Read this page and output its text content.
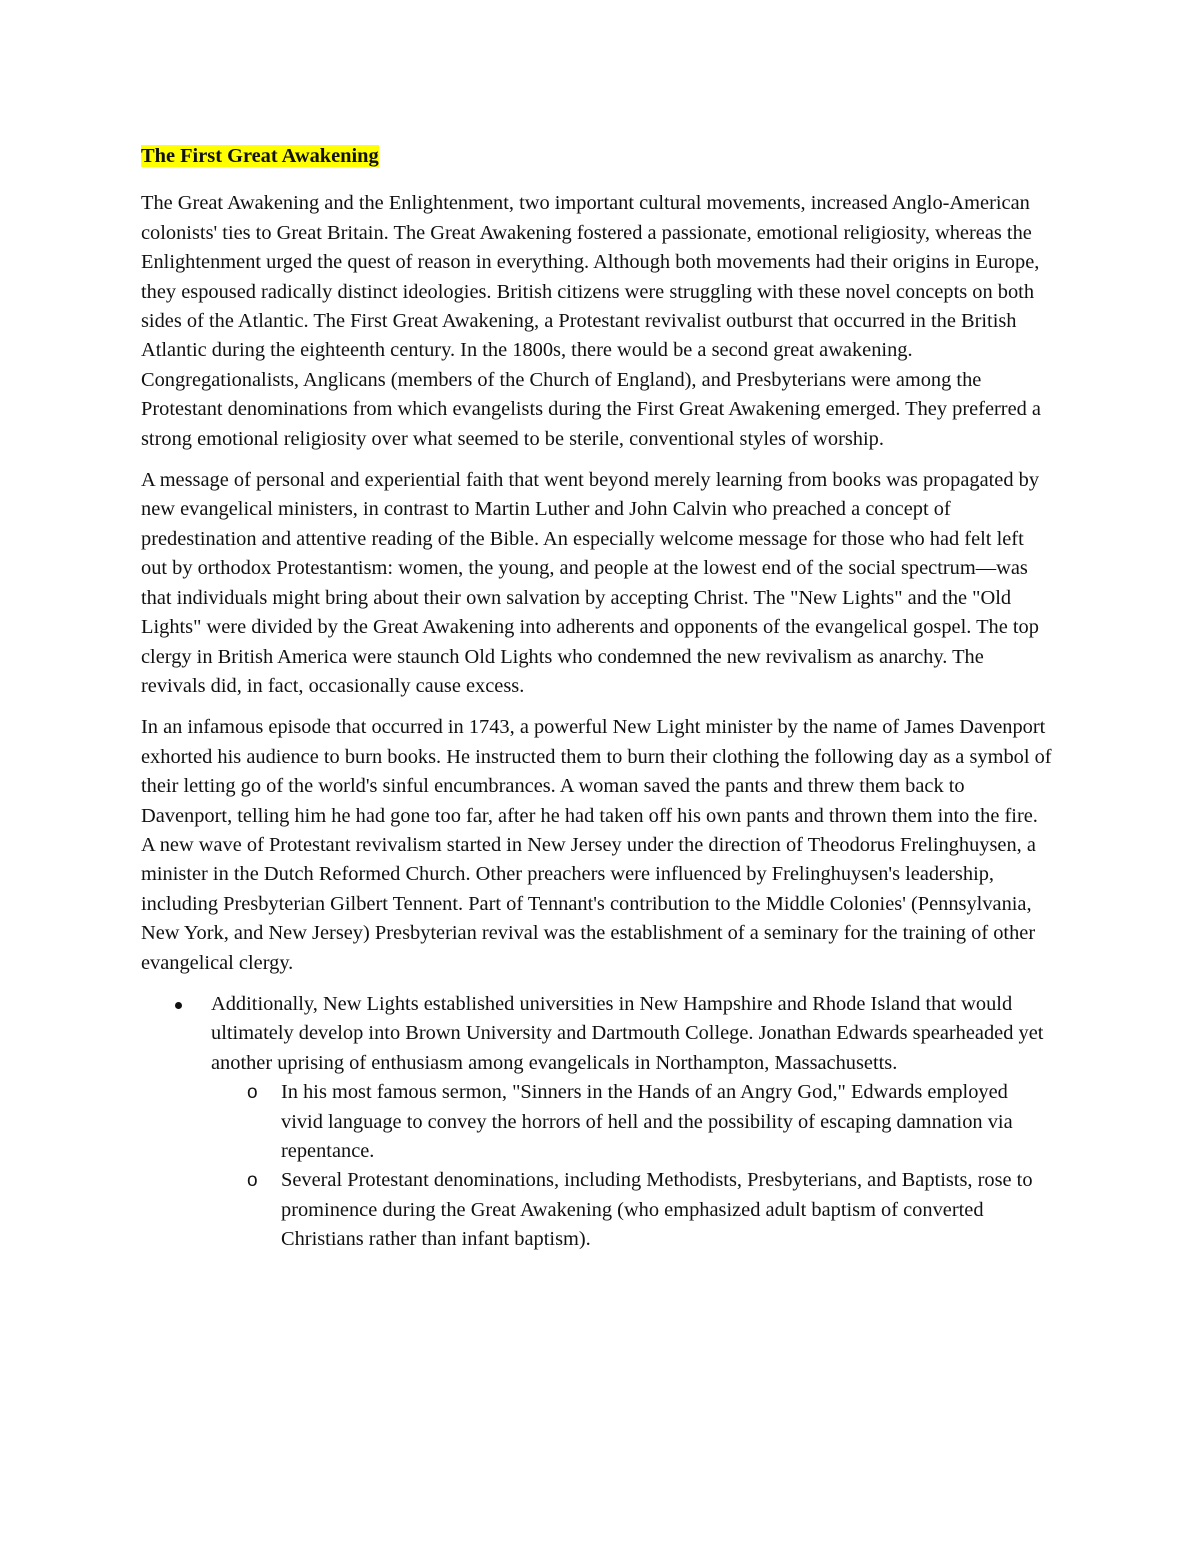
The First Great Awakening

The Great Awakening and the Enlightenment, two important cultural movements, increased Anglo-American colonists' ties to Great Britain. The Great Awakening fostered a passionate, emotional religiosity, whereas the Enlightenment urged the quest of reason in everything. Although both movements had their origins in Europe, they espoused radically distinct ideologies. British citizens were struggling with these novel concepts on both sides of the Atlantic. The First Great Awakening, a Protestant revivalist outburst that occurred in the British Atlantic during the eighteenth century. In the 1800s, there would be a second great awakening. Congregationalists, Anglicans (members of the Church of England), and Presbyterians were among the Protestant denominations from which evangelists during the First Great Awakening emerged. They preferred a strong emotional religiosity over what seemed to be sterile, conventional styles of worship.

A message of personal and experiential faith that went beyond merely learning from books was propagated by new evangelical ministers, in contrast to Martin Luther and John Calvin who preached a concept of predestination and attentive reading of the Bible. An especially welcome message for those who had felt left out by orthodox Protestantism: women, the young, and people at the lowest end of the social spectrum—was that individuals might bring about their own salvation by accepting Christ. The "New Lights" and the "Old Lights" were divided by the Great Awakening into adherents and opponents of the evangelical gospel. The top clergy in British America were staunch Old Lights who condemned the new revivalism as anarchy. The revivals did, in fact, occasionally cause excess.

In an infamous episode that occurred in 1743, a powerful New Light minister by the name of James Davenport exhorted his audience to burn books. He instructed them to burn their clothing the following day as a symbol of their letting go of the world's sinful encumbrances. A woman saved the pants and threw them back to Davenport, telling him he had gone too far, after he had taken off his own pants and thrown them into the fire. A new wave of Protestant revivalism started in New Jersey under the direction of Theodorus Frelinghuysen, a minister in the Dutch Reformed Church. Other preachers were influenced by Frelinghuysen's leadership, including Presbyterian Gilbert Tennent. Part of Tennant's contribution to the Middle Colonies' (Pennsylvania, New York, and New Jersey) Presbyterian revival was the establishment of a seminary for the training of other evangelical clergy.

Additionally, New Lights established universities in New Hampshire and Rhode Island that would ultimately develop into Brown University and Dartmouth College. Jonathan Edwards spearheaded yet another uprising of enthusiasm among evangelicals in Northampton, Massachusetts.
o In his most famous sermon, "Sinners in the Hands of an Angry God," Edwards employed vivid language to convey the horrors of hell and the possibility of escaping damnation via repentance.
o Several Protestant denominations, including Methodists, Presbyterians, and Baptists, rose to prominence during the Great Awakening (who emphasized adult baptism of converted Christians rather than infant baptism).
